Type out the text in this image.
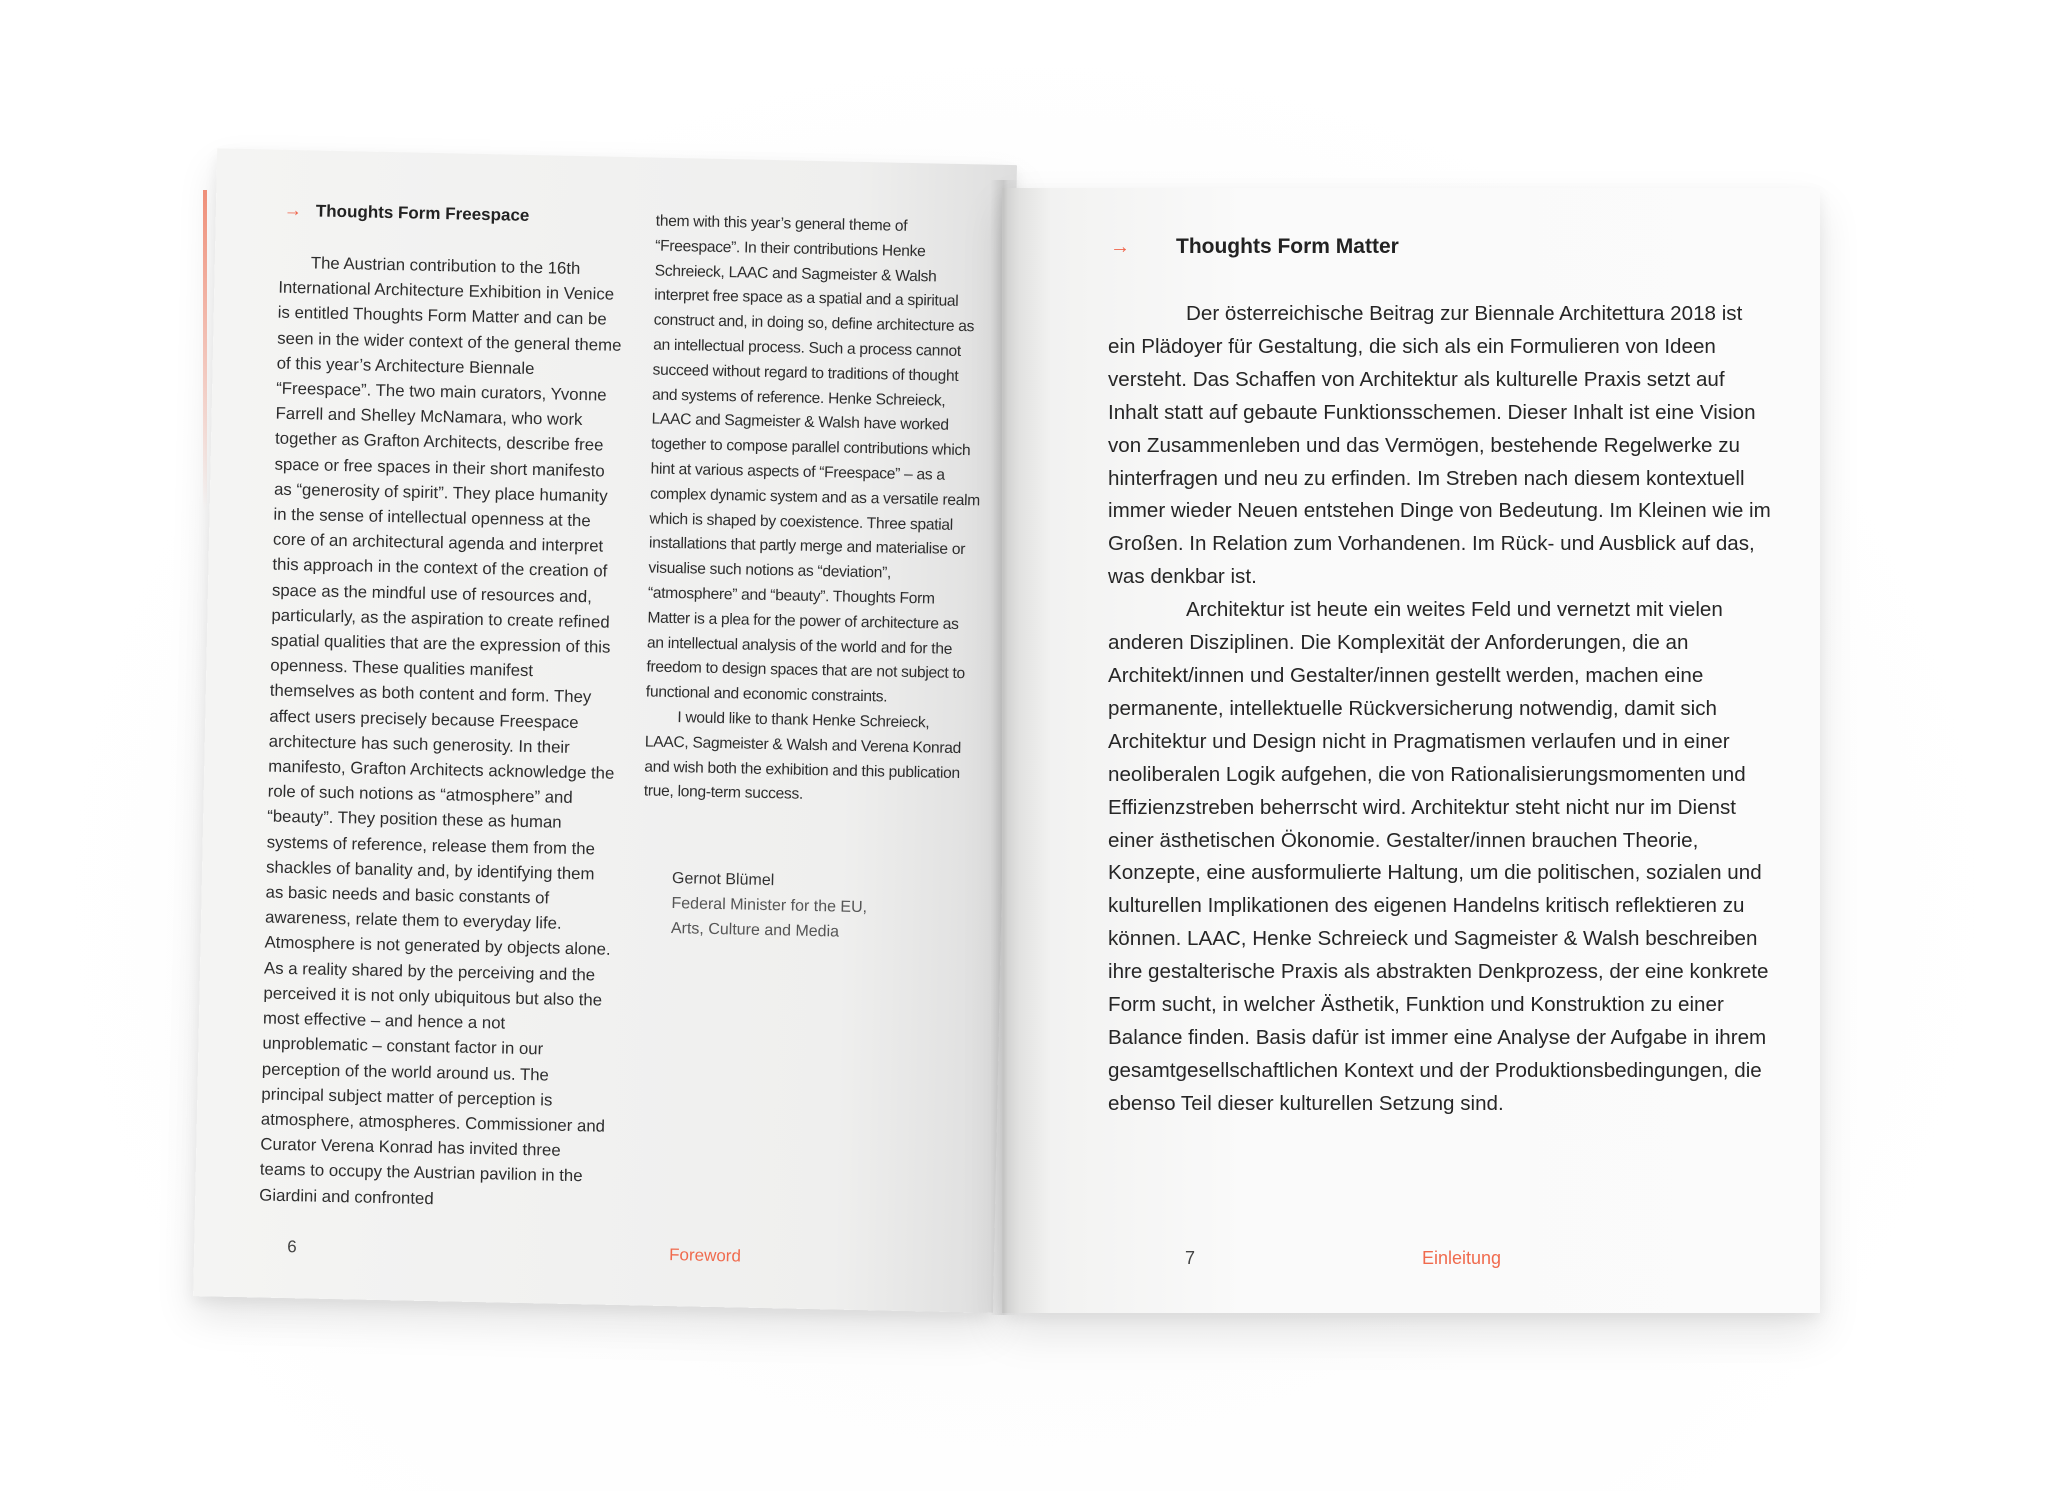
→ Thoughts Form Freespace

The Austrian contribution to the 16th International Architecture Exhibition in Venice is entitled Thoughts Form Matter and can be seen in the wider context of the general theme of this year’s Architecture Biennale “Freespace”. The two main curators, Yvonne Farrell and Shelley McNamara, who work together as Grafton Architects, describe free space or free spaces in their short manifesto as “generosity of spirit”. They place humanity in the sense of intellectual openness at the core of an architectural agenda and interpret this approach in the context of the creation of space as the mindful use of resources and, particularly, as the aspiration to create refined spatial qualities that are the expression of this openness. These qualities manifest themselves as both content and form. They affect users precisely because Freespace architecture has such generosity. In their manifesto, Grafton Architects acknowledge the role of such notions as “atmosphere” and “beauty”. They position these as human systems of reference, release them from the shackles of banality and, by identifying them as basic needs and basic constants of awareness, relate them to everyday life. Atmosphere is not generated by objects alone. As a reality shared by the perceiving and the perceived it is not only ubiquitous but also the most effective – and hence a not unproblematic – constant factor in our perception of the world around us. The principal subject matter of perception is atmosphere, atmospheres. Commissioner and Curator Verena Konrad has invited three teams to occupy the Austrian pavilion in the Giardini and confronted

them with this year’s general theme of “Freespace”. In their contributions Henke Schreieck, LAAC and Sagmeister & Walsh interpret free space as a spatial and a spiritual construct and, in doing so, define architecture as an intellectual process. Such a process cannot succeed without regard to traditions of thought and systems of reference. Henke Schreieck, LAAC and Sagmeister & Walsh have worked together to compose parallel contributions which hint at various aspects of “Freespace” – as a complex dynamic system and as a versatile realm which is shaped by coexistence. Three spatial installations that partly merge and materialise or visualise such notions as “deviation”, “atmosphere” and “beauty”. Thoughts Form Matter is a plea for the power of architecture as an intellectual analysis of the world and for the freedom to design spaces that are not subject to functional and economic constraints.

I would like to thank Henke Schreieck, LAAC, Sagmeister & Walsh and Verena Konrad and wish both the exhibition and this publication true, long-term success.

Gernot Blümel
Federal Minister for the EU,
Arts, Culture and Media
6	Foreword
→ Thoughts Form Matter

Der österreichische Beitrag zur Biennale Architettura 2018 ist ein Plädoyer für Gestaltung, die sich als ein Formulieren von Ideen versteht. Das Schaffen von Architektur als kulturelle Praxis setzt auf Inhalt statt auf gebaute Funktionsschemen. Dieser Inhalt ist eine Vision von Zusammenleben und das Vermögen, bestehende Regelwerke zu hinterfragen und neu zu erfinden. Im Streben nach diesem kontextuell immer wieder Neuen entstehen Dinge von Bedeutung. Im Kleinen wie im Großen. In Relation zum Vorhandenen. Im Rück- und Ausblick auf das, was denkbar ist.

Architektur ist heute ein weites Feld und vernetzt mit vielen anderen Disziplinen. Die Komplexität der Anforderungen, die an Architekt/innen und Gestalter/innen gestellt werden, machen eine permanente, intellektuelle Rückversicherung notwendig, damit sich Architektur und Design nicht in Pragmatismen verlaufen und in einer neoliberalen Logik aufgehen, die von Rationalisierungsmomenten und Effizienzstreben beherrscht wird. Architektur steht nicht nur im Dienst einer ästhetischen Ökonomie. Gestalter/innen brauchen Theorie, Konzepte, eine ausformulierte Haltung, um die politischen, sozialen und kulturellen Implikationen des eigenen Handelns kritisch reflektieren zu können. LAAC, Henke Schreieck und Sagmeister & Walsh beschreiben ihre gestalterische Praxis als abstrakten Denkprozess, der eine konkrete Form sucht, in welcher Ästhetik, Funktion und Konstruktion zu einer Balance finden. Basis dafür ist immer eine Analyse der Aufgabe in ihrem gesamtgesellschaftlichen Kontext und der Produktionsbedingungen, die ebenso Teil dieser kulturellen Setzung sind.

7	Einleitung
